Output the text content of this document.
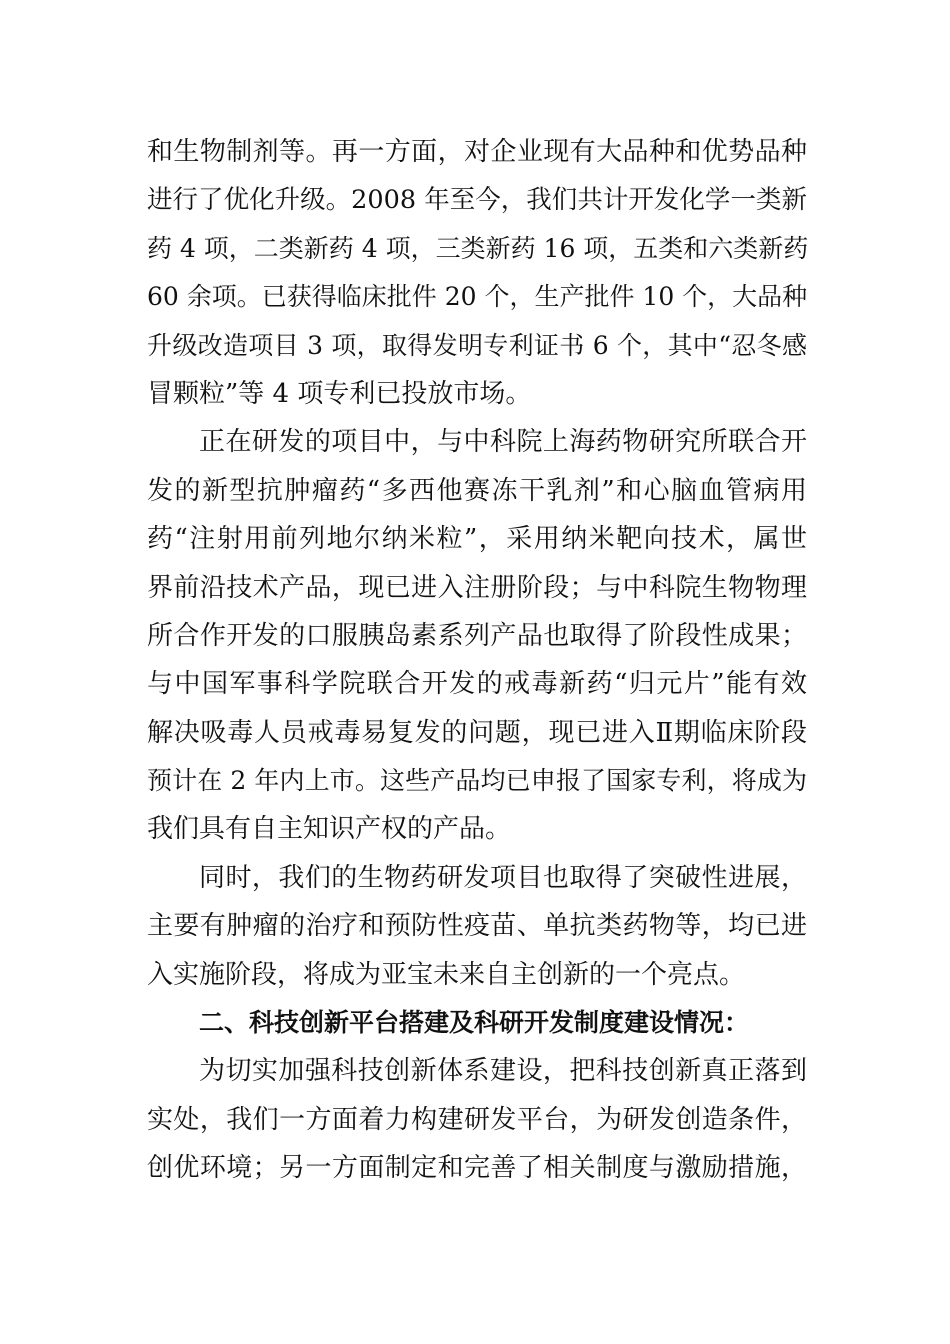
和生物制剂等。再一方面，对企业现有大品种和优势品种
进行了优化升级。2008 年至今，我们共计开发化学一类新
药 4 项，二类新药 4 项，三类新药 16 项，五类和六类新药
60 余项。已获得临床批件 20 个，生产批件 10 个，大品种
升级改造项目 3 项，取得发明专利证书 6 个，其中“忍冬感
冒颗粒”等 4 项专利已投放市场。
正在研发的项目中，与中科院上海药物研究所联合开
发的新型抗肿瘤药“多西他赛冻干乳剂”和心脑血管病用
药“注射用前列地尔纳米粒”，采用纳米靶向技术，属世
界前沿技术产品，现已进入注册阶段；与中科院生物物理
所合作开发的口服胰岛素系列产品也取得了阶段性成果；
与中国军事科学院联合开发的戒毒新药“归元片”能有效
解决吸毒人员戒毒易复发的问题，现已进入Ⅱ期临床阶段
预计在 2 年内上市。这些产品均已申报了国家专利，将成为
我们具有自主知识产权的产品。
同时，我们的生物药研发项目也取得了突破性进展，
主要有肿瘤的治疗和预防性疫苗、单抗类药物等，均已进
入实施阶段，将成为亚宝未来自主创新的一个亮点。
二、科技创新平台搭建及科研开发制度建设情况：
为切实加强科技创新体系建设，把科技创新真正落到
实处，我们一方面着力构建研发平台，为研发创造条件，
创优环境；另一方面制定和完善了相关制度与激励措施，
